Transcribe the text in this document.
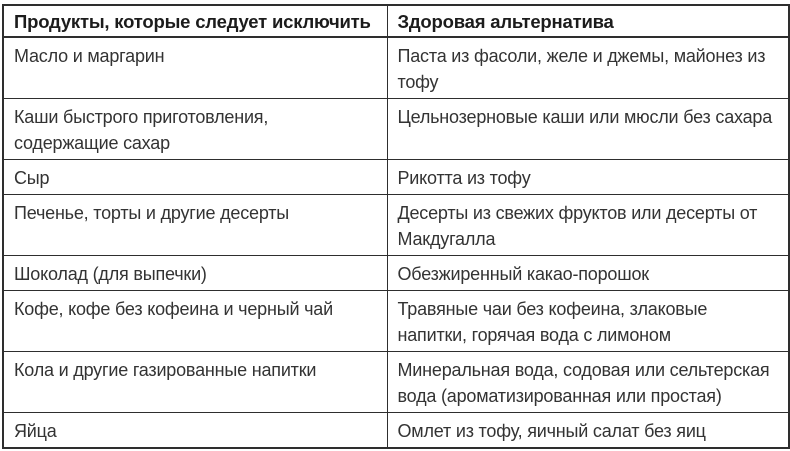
Продукты, которые следует исключить	Здоровая альтернатива
Масло и маргарин	Паста из фасоли, желе и джемы, майонез из тофу
Каши быстрого приготовления, содержащие сахар	Цельнозерновые каши или мюсли без сахара
Сыр	Рикотта из тофу
Печенье, торты и другие десерты	Десерты из свежих фруктов или десерты от Макдугалла
Шоколад (для выпечки)	Обезжиренный какао-порошок
Кофе, кофе без кофеина и черный чай	Травяные чаи без кофеина, злаковые напитки, горячая вода с лимоном
Кола и другие газированные напитки	Минеральная вода, содовая или сельтерская вода (ароматизированная или простая)
Яйца	Омлет из тофу, яичный салат без яиц
